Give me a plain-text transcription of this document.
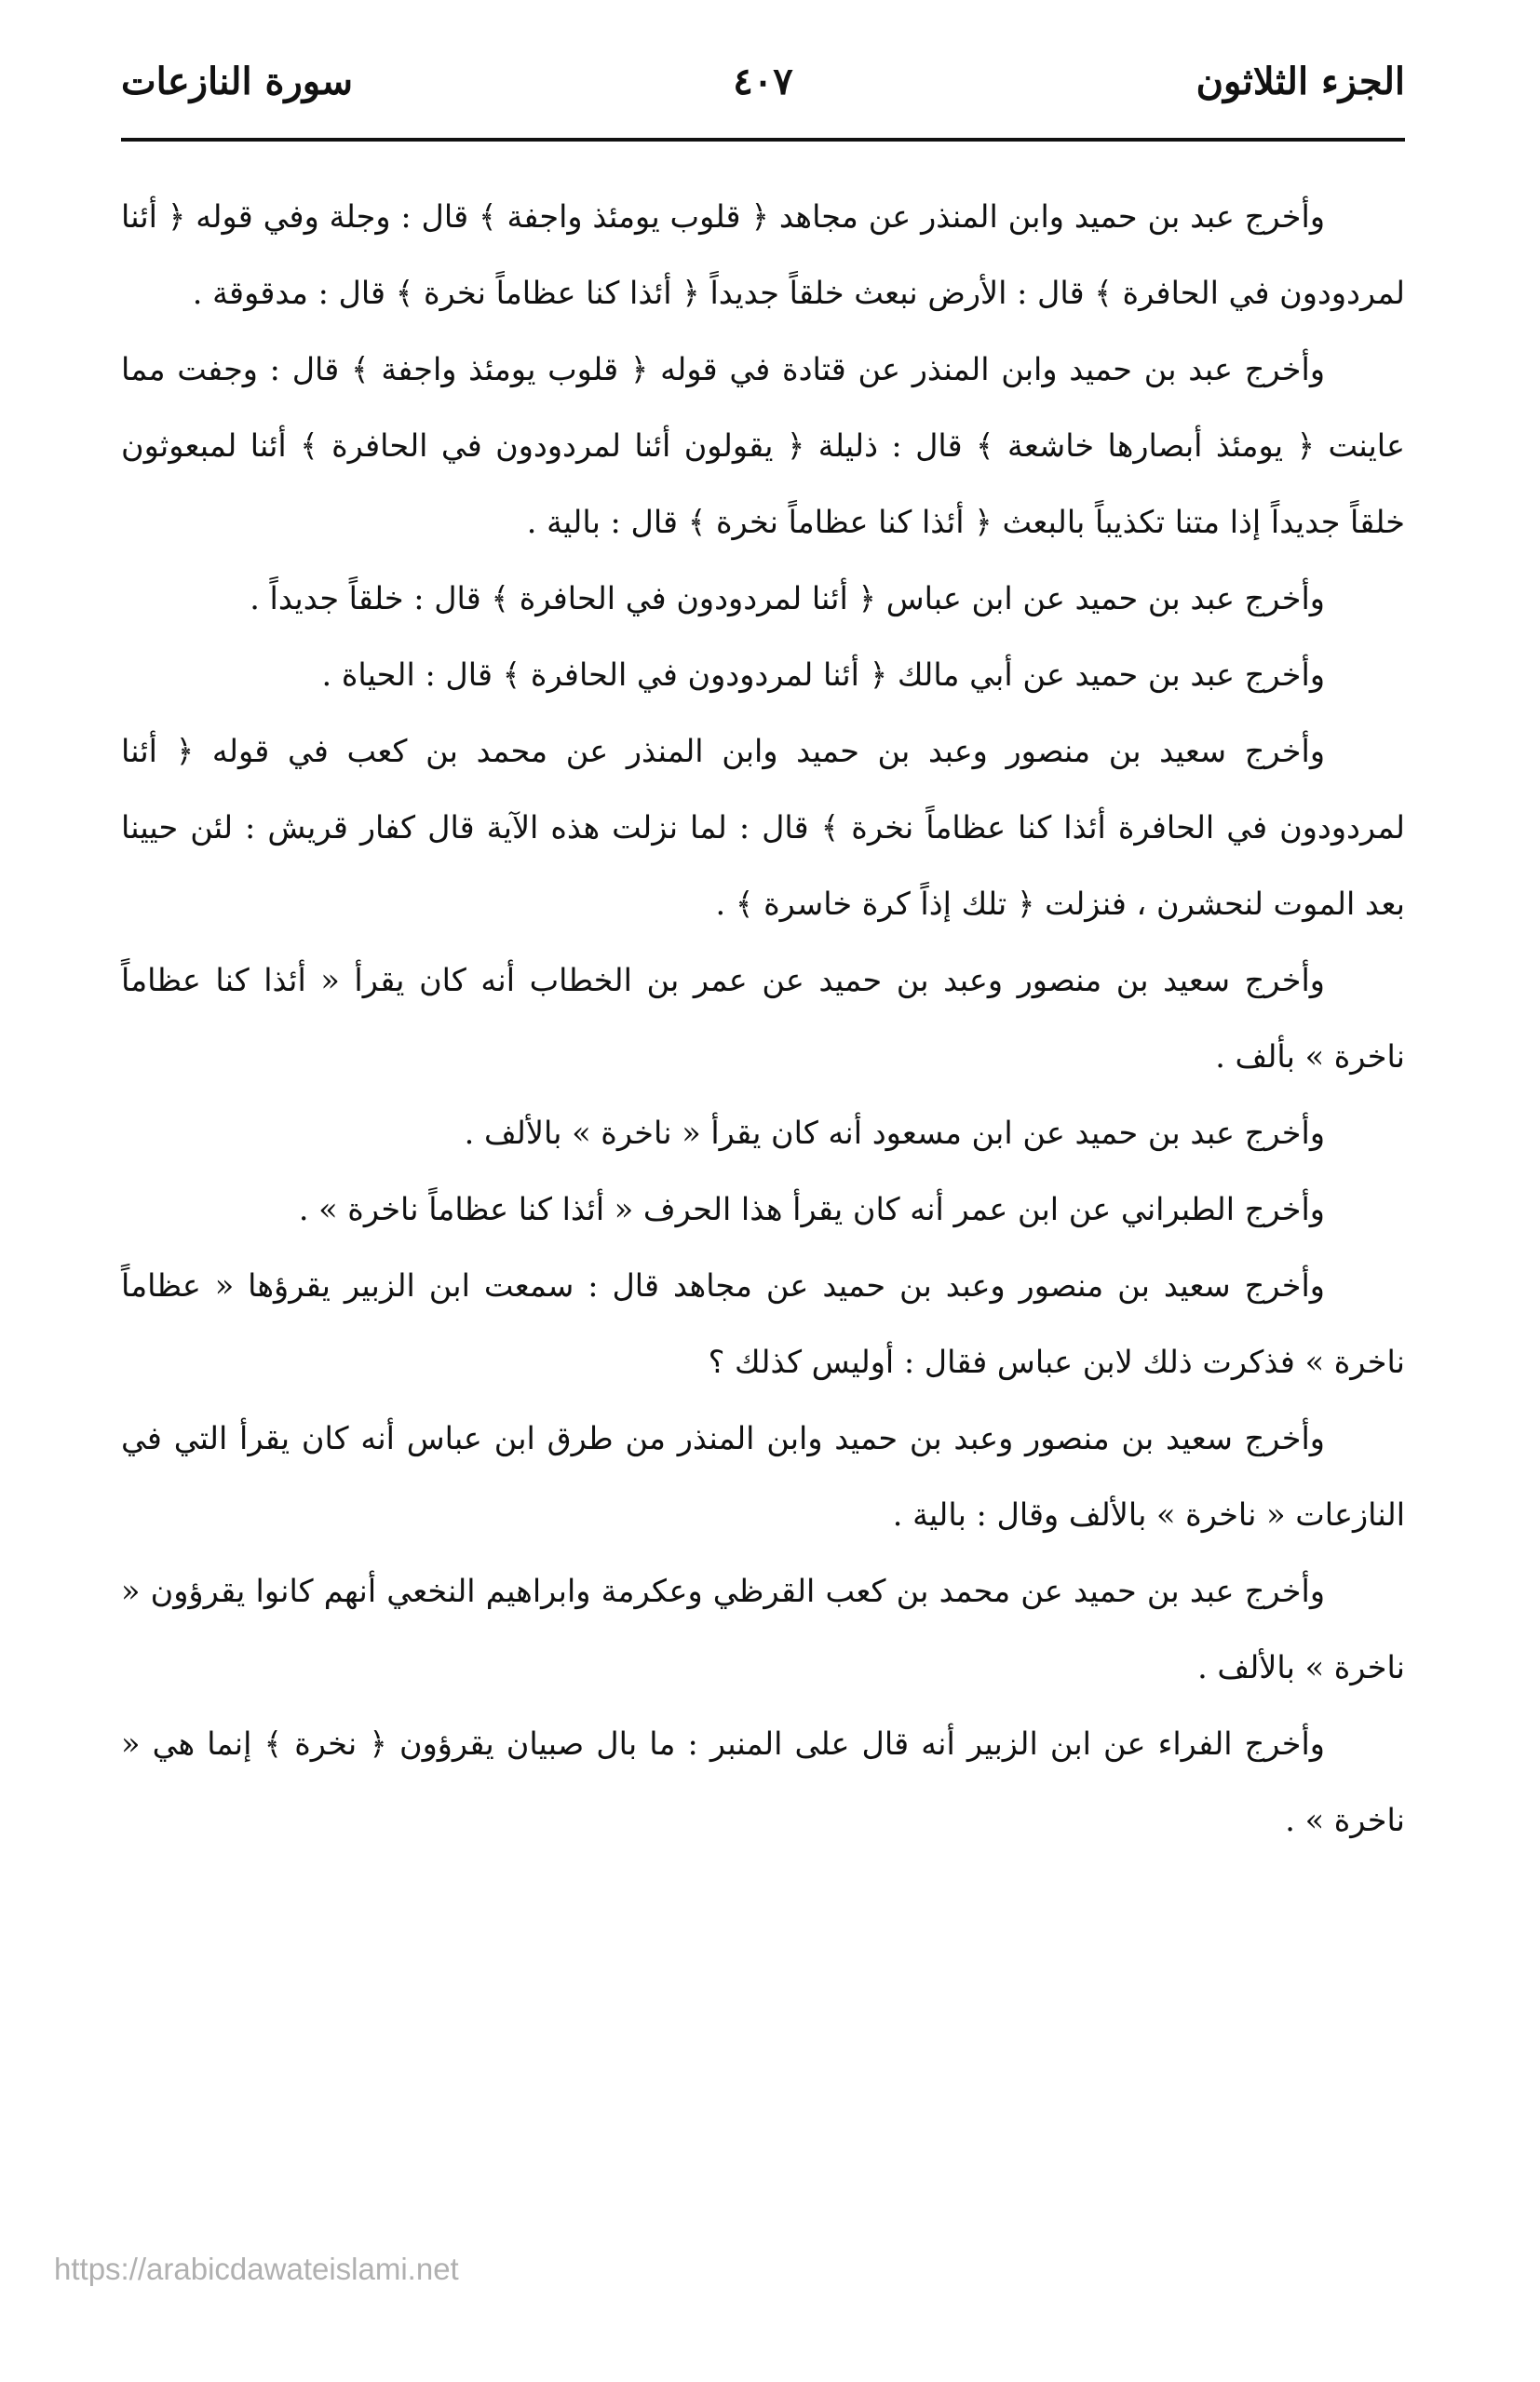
الجزء الثلاثون
٤٠٧
سورة النازعات

وأخرج عبد بن حميد وابن المنذر عن مجاهد ﴿ قلوب يومئذ واجفة ﴾ قال : وجلة وفي قوله ﴿ أئنا لمردودون في الحافرة ﴾ قال : الأرض نبعث خلقاً جديداً ﴿ أئذا كنا عظاماً نخرة ﴾ قال : مدقوقة .

وأخرج عبد بن حميد وابن المنذر عن قتادة في قوله ﴿ قلوب يومئذ واجفة ﴾ قال : وجفت مما عاينت ﴿ يومئذ أبصارها خاشعة ﴾ قال : ذليلة ﴿ يقولون أئنا لمردودون في الحافرة ﴾ أئنا لمبعوثون خلقاً جديداً إذا متنا تكذيباً بالبعث ﴿ أئذا كنا عظاماً نخرة ﴾ قال : بالية .

وأخرج عبد بن حميد عن ابن عباس ﴿ أئنا لمردودون في الحافرة ﴾ قال : خلقاً جديداً .

وأخرج عبد بن حميد عن أبي مالك ﴿ أئنا لمردودون في الحافرة ﴾ قال : الحياة .

وأخرج سعيد بن منصور وعبد بن حميد وابن المنذر عن محمد بن كعب في قوله ﴿ أئنا لمردودون في الحافرة أئذا كنا عظاماً نخرة ﴾ قال : لما نزلت هذه الآية قال كفار قريش : لئن حيينا بعد الموت لنحشرن ، فنزلت ﴿ تلك إذاً كرة خاسرة ﴾ .

وأخرج سعيد بن منصور وعبد بن حميد عن عمر بن الخطاب أنه كان يقرأ « أئذا كنا عظاماً ناخرة » بألف .

وأخرج عبد بن حميد عن ابن مسعود أنه كان يقرأ « ناخرة » بالألف .

وأخرج الطبراني عن ابن عمر أنه كان يقرأ هذا الحرف « أئذا كنا عظاماً ناخرة » .

وأخرج سعيد بن منصور وعبد بن حميد عن مجاهد قال : سمعت ابن الزبير يقرؤها « عظاماً ناخرة » فذكرت ذلك لابن عباس فقال : أوليس كذلك ؟

وأخرج سعيد بن منصور وعبد بن حميد وابن المنذر من طرق ابن عباس أنه كان يقرأ التي في النازعات « ناخرة » بالألف وقال : بالية .

وأخرج عبد بن حميد عن محمد بن كعب القرظي وعكرمة وابراهيم النخعي أنهم كانوا يقرؤون « ناخرة » بالألف .

وأخرج الفراء عن ابن الزبير أنه قال على المنبر : ما بال صبيان يقرؤون ﴿ نخرة ﴾ إنما هي « ناخرة » .

https://arabicdawateislami.net
